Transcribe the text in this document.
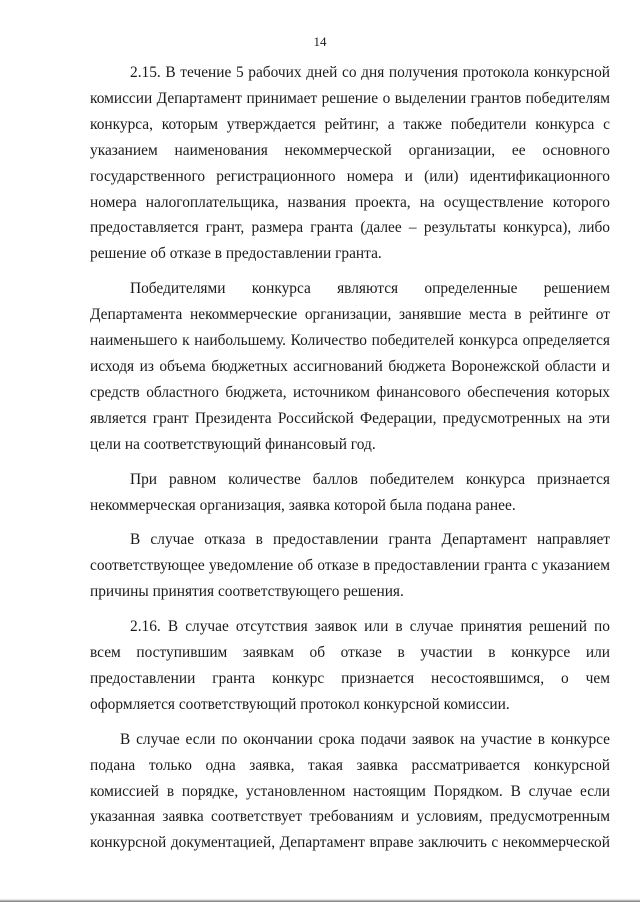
14

2.15. В течение 5 рабочих дней со дня получения протокола конкурсной комиссии Департамент принимает решение о выделении грантов победителям конкурса, которым утверждается рейтинг, а также победители конкурса с указанием наименования некоммерческой организации, ее основного государственного регистрационного номера и (или) идентификационного номера налогоплательщика, названия проекта, на осуществление которого предоставляется грант, размера гранта (далее – результаты конкурса), либо решение об отказе в предоставлении гранта.

Победителями конкурса являются определенные решением Департамента некоммерческие организации, занявшие места в рейтинге от наименьшего к наибольшему. Количество победителей конкурса определяется исходя из объема бюджетных ассигнований бюджета Воронежской области и средств областного бюджета, источником финансового обеспечения которых является грант Президента Российской Федерации, предусмотренных на эти цели на соответствующий финансовый год.

При равном количестве баллов победителем конкурса признается некоммерческая организация, заявка которой была подана ранее.

В случае отказа в предоставлении гранта Департамент направляет соответствующее уведомление об отказе в предоставлении гранта с указанием причины принятия соответствующего решения.

2.16. В случае отсутствия заявок или в случае принятия решений по всем поступившим заявкам об отказе в участии в конкурсе или предоставлении гранта конкурс признается несостоявшимся, о чем оформляется соответствующий протокол конкурсной комиссии.

В случае если по окончании срока подачи заявок на участие в конкурсе подана только одна заявка, такая заявка рассматривается конкурсной комиссией в порядке, установленном настоящим Порядком. В случае если указанная заявка соответствует требованиям и условиям, предусмотренным конкурсной документацией, Департамент вправе заключить с некоммерческой
